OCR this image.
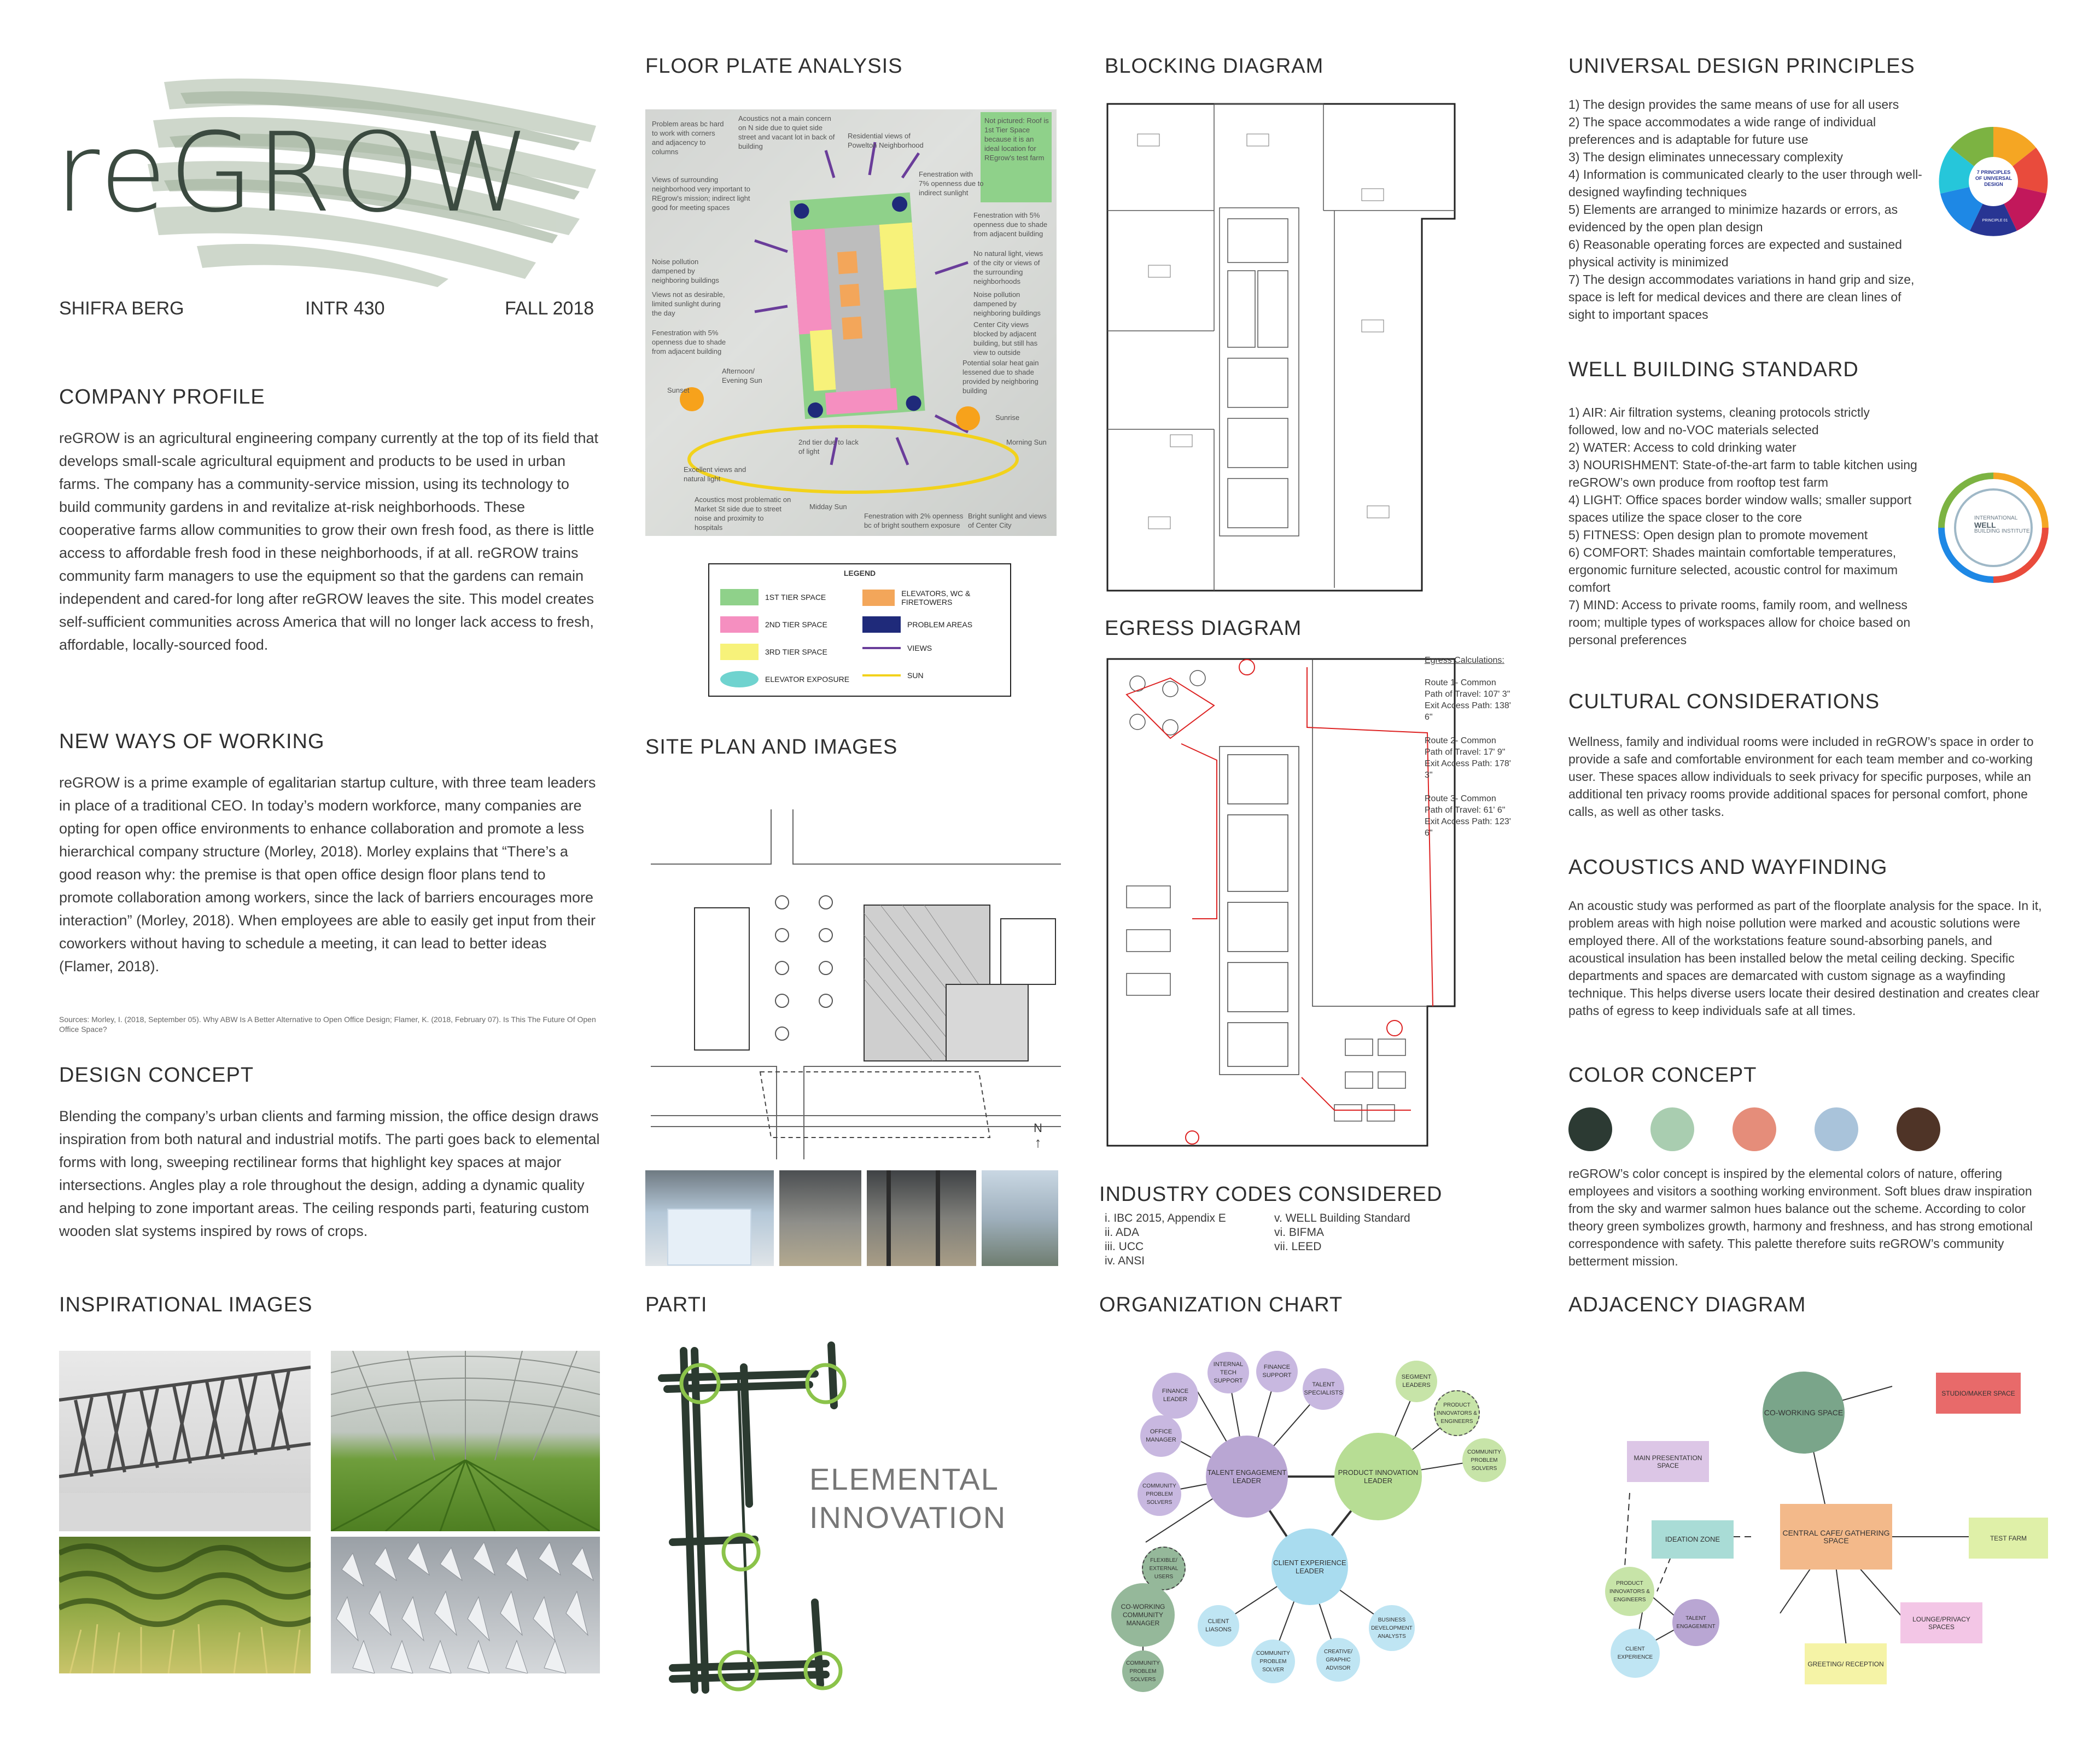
reGROW
SHIFRA BERG	INTR 430	FALL 2018
COMPANY PROFILE

reGROW is an agricultural engineering company currently at the top of its field that develops small-scale agricultural equipment and products to be used in urban farms. The company has a community-service mission, using its technology to build community gardens in and revitalize at-risk neighborhoods. These cooperative farms allow communities to grow their own fresh food, as there is little access to affordable fresh food in these neighborhoods, if at all. reGROW trains community farm managers to use the equipment so that the gardens can remain independent and cared-for long after reGROW leaves the site. This model creates self-sufficient communities across America that will no longer lack access to fresh, affordable, locally-sourced food.

NEW WAYS OF WORKING

reGROW is a prime example of egalitarian startup culture, with three team leaders in place of a traditional CEO. In today’s modern workforce, many companies are opting for open office environments to enhance collaboration and promote a less hierarchical company structure (Morley, 2018). Morley explains that “There’s a good reason why: the premise is that open office design floor plans tend to promote collaboration among workers, since the lack of barriers encourages more interaction” (Morley, 2018). When employees are able to easily get input from their coworkers without having to schedule a meeting, it can lead to better ideas (Flamer, 2018).

Sources: Morley, I. (2018, September 05). Why ABW Is A Better Alternative to Open Office Design; Flamer, K. (2018, February 07). Is This The Future Of Open Office Space?

DESIGN CONCEPT

Blending the company’s urban clients and farming mission, the office design draws inspiration from both natural and industrial motifs. The parti goes back to elemental forms with long, sweeping rectilinear forms that highlight key spaces at major intersections. Angles play a role throughout the design, adding a dynamic quality and helping to zone important areas. The ceiling responds parti, featuring custom wooden slat systems inspired by rows of crops.

INSPIRATIONAL IMAGES
FLOOR PLATE ANALYSIS
Problem areas bc hard to work with corners and adjacency to columns
Acoustics not a main concern on N side due to quiet side street and vacant lot in back of building
Residential views of Powelton Neighborhood
Not pictured: Roof is 1st Tier Space because it is an ideal location for REgrow's test farm
Fenestration with 7% openness due to indirect sunlight
Views of surrounding neighborhood very important to REgrow's mission; indirect light good for meeting spaces
Fenestration with 5% openness due to shade from adjacent building
Noise pollution dampened by neighboring buildings
No natural light, views of the city or views of the surrounding neighborhoods
Views not as desirable, limited sunlight during the day
Noise pollution dampened by neighboring buildings
Fenestration with 5% openness due to shade from adjacent building
Center City views blocked by adjacent building, but still has view to outside
Afternoon/ Evening Sun
Potential solar heat gain lessened due to shade provided by neighboring building
Sunset
Sunrise
Morning Sun
2nd tier due to lack of light
Excellent views and natural light
Acoustics most problematic on Market St side due to street noise and proximity to hospitals
Midday Sun
Fenestration with 2% openness bc of bright southern exposure
Bright sunlight and views of Center City
LEGEND
1ST TIER SPACE	ELEVATORS, WC & FIRETOWERS
2ND TIER SPACE	PROBLEM AREAS
3RD TIER SPACE	VIEWS
ELEVATOR EXPOSURE	SUN
SITE PLAN AND IMAGES
N
↑
PARTI
ELEMENTAL
INNOVATION
BLOCKING DIAGRAM
EGRESS DIAGRAM
Egress Calculations:
Route 1- Common Path of Travel: 107' 3" Exit Access Path: 138' 6"
Route 2- Common Path of Travel: 17' 9" Exit Access Path: 178' 3"
Route 3- Common Path of Travel: 61' 6" Exit Access Path: 123' 6"
INDUSTRY CODES CONSIDERED
i. IBC 2015, Appendix E
ii. ADA
iii. UCC
iv. ANSI
v. WELL Building Standard
vi. BIFMA
vii. LEED
ORGANIZATION CHART
TALENT ENGAGEMENT LEADER
PRODUCT INNOVATION LEADER
CLIENT EXPERIENCE LEADER
INTERNAL TECH SUPPORT
FINANCE SUPPORT
TALENT SPECIALISTS
FINANCE LEADER
OFFICE MANAGER
COMMUNITY PROBLEM SOLVERS
SEGMENT LEADERS
PRODUCT INNOVATORS & ENGINEERS
COMMUNITY PROBLEM SOLVERS
CLIENT LIASONS
COMMUNITY PROBLEM SOLVER
CREATIVE/ GRAPHIC ADVISOR
BUSINESS DEVELOPMENT ANALYSTS
FLEXIBLE/ EXTERNAL USERS
CO-WORKING COMMUNITY MANAGER
COMMUNITY PROBLEM SOLVERS
UNIVERSAL DESIGN PRINCIPLES

1) The design provides the same means of use for all users

2) The space accommodates a wide range of individual preferences and is adaptable for future use

3) The design eliminates unnecessary complexity

4) Information is communicated clearly to the user through well-designed wayfinding techniques

5) Elements are arranged to minimize hazards or errors, as evidenced by the open plan design

6) Reasonable operating forces are expected and sustained physical activity is minimized

7) The design accommodates variations in hand grip and size, space is left for medical devices and there are clean lines of sight to important spaces

7 PRINCIPLES OF UNIVERSAL DESIGN
PRINCIPLE 01
WELL BUILDING STANDARD

1) AIR: Air filtration systems, cleaning protocols strictly followed, low and no-VOC materials selected

2) WATER: Access to cold drinking water

3) NOURISHMENT: State-of-the-art farm to table kitchen using reGROW’s own produce from rooftop test farm

4) LIGHT: Office spaces border window walls; smaller support spaces utilize the space closer to the core

5) FITNESS: Open design plan to promote movement

6) COMFORT: Shades maintain comfortable temperatures, ergonomic furniture selected, acoustic control for maximum comfort

7) MIND: Access to private rooms, family room, and wellness room; multiple types of workspaces allow for choice based on personal preferences

INTERNATIONAL
WELL
BUILDING INSTITUTE
CULTURAL CONSIDERATIONS

Wellness, family and individual rooms were included in reGROW’s space in order to provide a safe and comfortable environment for each team member and co-working user. These spaces allow individuals to seek privacy for specific purposes, while an additional ten privacy rooms provide additional spaces for personal comfort, phone calls, as well as other tasks.

ACOUSTICS AND WAYFINDING

An acoustic study was performed as part of the floorplate analysis for the space. In it, problem areas with high noise pollution were marked and acoustic solutions were employed there. All of the workstations feature sound-absorbing panels, and acoustical insulation has been installed below the metal ceiling decking. Specific departments and spaces are demarcated with custom signage as a wayfinding technique. This helps diverse users locate their desired destination and creates clear paths of egress to keep individuals safe at all times.

COLOR CONCEPT

reGROW’s color concept is inspired by the elemental colors of nature, offering employees and visitors a soothing working environment. Soft blues draw inspiration from the sky and warmer salmon hues balance out the scheme. According to color theory green symbolizes growth, harmony and freshness, and has strong emotional correspondence with safety. This palette therefore suits reGROW’s community betterment mission.

ADJACENCY DIAGRAM
CO-WORKING SPACE
STUDIO/MAKER SPACE
MAIN PRESENTATION SPACE
IDEATION ZONE
CENTRAL CAFE/ GATHERING SPACE	TEST FARM
LOUNGE/PRIVACY SPACES
GREETING/ RECEPTION
PRODUCT INNOVATORS & ENGINEERS
TALENT ENGAGEMENT
CLIENT EXPERIENCE
